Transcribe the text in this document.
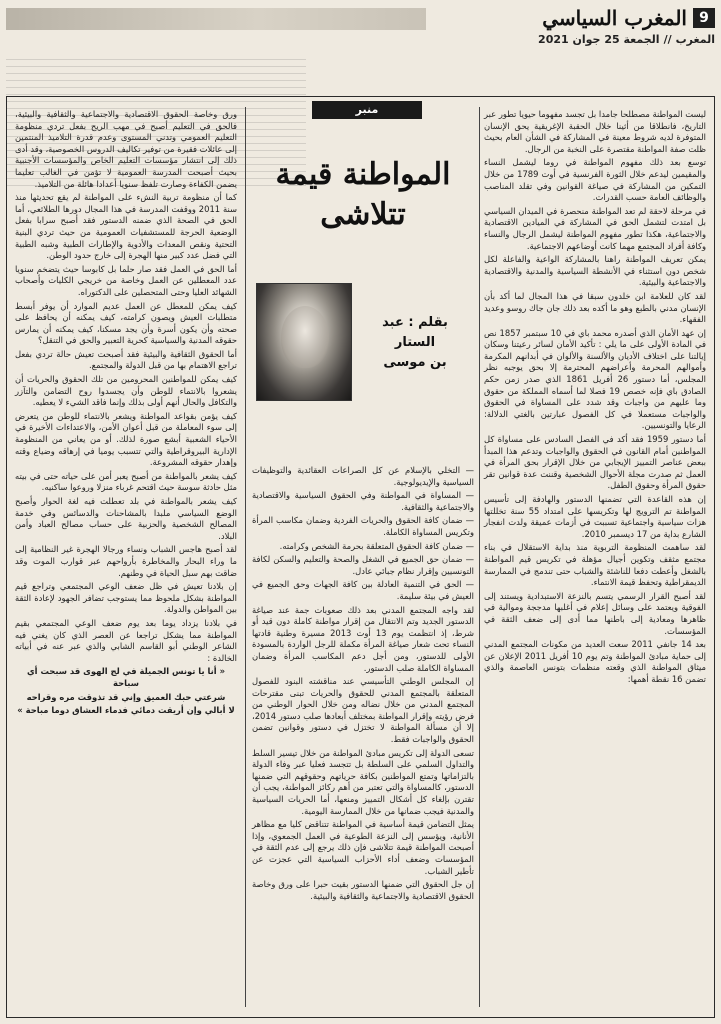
9
المغرب السياسي
المغرب//الجمعة 25 جوان 2021
منبر
المواطنة قيمة
تتلاشى
بقلم : عبد الستار
بن موسى

ليست المواطنة مصطلحا جامدا بل تجسد مفهوما حيويا تطور عبر التاريخ، فانطلاقا من أثينا خلال الحقبة الإغريقية يحق الإنسان المتوفرة لديه شروط معينة في المشاركة في الشأن العام بحيث ظلت صفة المواطنة مقتصرة على النخبة من الرجال.

توسع بعد ذلك مفهوم المواطنة في روما ليشمل النساء والمقيمين ليدعم خلال الثورة الفرنسية في أوت 1789 من خلال التمكين من المشاركة في صياغة القوانين وفي تقلد المناصب والوظائف العامة حسب القدرات.

في مرحلة لاحقة لم تعد المواطنة منحصرة في الميدان السياسي بل امتدت لتشمل الحق في المشاركة في الميادين الاقتصادية والاجتماعية، هكذا تطور مفهوم المواطنة ليشمل الرجال والنساء وكافة أفراد المجتمع مهما كانت أوضاعهم الاجتماعية.

يمكن تعريف المواطنة راهنا بالمشاركة الواعية والفاعلة لكل شخص دون استثناء في الأنشطة السياسية والمدنية والاقتصادية والاجتماعية والبيئية.

لقد كان للعلامة ابن خلدون سبقا في هذا المجال لما أكد بأن الإنسان مدني بالطبع وهو ما أكده بعد ذلك جان جاك روسو وعديد الفقهاء.

إن عهد الأمان الذي أصدره محمد باي في 10 سبتمبر 1857 نص في المادة الأولى على ما يلي : تأكيد الأمان لسائر رعيتنا وسكان إيالتنا على اختلاف الأديان والألسنة والألوان في أبدانهم المكرمة وأموالهم المحرمة وأعراضهم المحترمة إلا بحق يوجبه نظر المجلس، أما دستور 26 أفريل 1861 الذي صدر زمن حكم الصادق باي فإنه خصص 19 فصلا لما أسماه المملكة من حقوق وما عليهم من واجبات وقد شدد على المساواة في الحقوق والواجبات مستعملا في كل الفصول عبارتين بالغتي الدلالة: الرعايا والتونسيين.

أما دستور 1959 فقد أكد في الفصل السادس على مساواة كل المواطنين أمام القانون في الحقوق والواجبات وتدعم هذا المبدأ ببعض عناصر التمييز الإيجابي من خلال الإقرار بحق المرأة في العمل ثم صدرت مجلة الأحوال الشخصية وقننت عدة قوانين تقر حقوق المرأة وحقوق الطفل.

إن هذه القاعدة التي تضمنها الدستور والهادفة إلى تأسيس المواطنة تم الترويج لها وتكريسها على امتداد 55 سنة تخللتها هزات سياسية واجتماعية تسببت في أزمات عميقة ولدت انفجار الشارع بداية من 17 ديسمبر 2010.

لقد ساهمت المنظومة التربوية منذ بداية الاستقلال في بناء مجتمع مثقف وتكوين أجيال مؤهلة في تكريس قيم المواطنة بالشغل وأعطت دفعا للناشئة والشباب حتى تندمج في الممارسة الديمقراطية وتحفظ قيمة الانتماء.

لقد أصبح القرار الرسمي يتسم بالنزعة الاستبدادية ويستند إلى الفوقية ويعتمد على وسائل إعلام في أغلبها مدججة وموالية في ظاهرها ومعادية إلى باطنها مما أدى إلى ضعف الثقة في المؤسسات.

بعد 14 جانفي 2011 سعت العديد من مكونات المجتمع المدني إلى حماية مبادئ المواطنة وتم يوم 10 أفريل 2011 الإعلان عن ميثاق المواطنة الذي وقعته منظمات بتونس العاصمة والذي تضمن 16 نقطة أهمها:

— التخلي بالإسلام عن كل الصراعات العقائدية والتوظيفات السياسية والإيديولوجية.

— المساواة في المواطنة وفي الحقوق السياسية والاقتصادية والاجتماعية والثقافية.

— ضمان كافة الحقوق والحريات الفردية وضمان مكاسب المرأة وتكريس المساواة الكاملة.

— ضمان كافة الحقوق المتعلقة بحرمة الشخص وكرامته.

— ضمان حق الجميع في الشغل والصحة والتعليم والسكن لكافة التونسيين وإقرار نظام جبائي عادل.

— الحق في التنمية العادلة بين كافة الجهات وحق الجميع في العيش في بيئة سليمة.

لقد واجه المجتمع المدني بعد ذلك صعوبات جمة عند صياغة الدستور الجديد وتم الانتقال من إقرار مواطنة كاملة دون قيد أو شرط، إذ انتظمت يوم 13 أوت 2013 مسيرة وطنية قادتها النساء تحت شعار صياغة المرأة مكملة للرجل الواردة بالمسودة الأولى للدستور، ومن أجل دعم المكاسب المرأة وضمان المساواة الكاملة صلب الدستور.

إن المجلس الوطني التأسيسي عند مناقشته البنود للفصول المتعلقة بالمجتمع المدني للحقوق والحريات تبنى مقترحات المجتمع المدني من خلال نضاله ومن خلال الحوار الوطني من فرض رؤيته وإقرار المواطنة بمختلف أبعادها صلب دستور 2014، إلا أن مسألة المواطنة لا تختزل في دستور وقوانين تضمن الحقوق والواجبات فقط.

تسعى الدولة إلى تكريس مبادئ المواطنة من خلال تيسير السلط والتداول السلمي على السلطة بل تتجسد فعليا عبر وفاء الدولة بالتزاماتها وتمتع المواطنين بكافة حرياتهم وحقوقهم التي ضمنها الدستور، كالمساواة والتي تعتبر من أهم ركائز المواطنة، يجب أن تقترن بإلغاء كل أشكال التمييز ومنعها، أما الحريات السياسية والمدنية فيجب ضمانها من خلال الممارسة اليومية.

يمثل التضامن قيمة أساسية في المواطنة تتناقض كليا مع مظاهر الأنانية، ويؤسس إلى النزعة الطوعية في العمل الجمعوي، وإذا أصبحت المواطنة قيمة تتلاشى فإن ذلك يرجع إلى عدم الثقة في المؤسسات وضعف أداء الأحزاب السياسية التي عجزت عن تأطير الشباب.

إن جل الحقوق التي ضمنها الدستور بقيت حبرا على ورق وخاصة الحقوق الاقتصادية والاجتماعية والثقافية والبيئية.

ورق وخاصة الحقوق الاقتصادية والاجتماعية والثقافية والبيئية، فالحق في التعليم أصبح في مهب الريح بفعل تردي منظومة التعليم العمومي وتدني المستوى وعدم قدرة التلاميذ المنتمين إلى عائلات فقيرة من توفير تكاليف الدروس الخصوصية، وقد أدى ذلك إلى انتشار مؤسسات التعليم الخاص والمؤسسات الأجنبية بحيث أصبحت المدرسة العمومية لا تؤمن في الغالب تعليما يضمن الكفاءة وصارت تلفظ سنويا أعدادا هائلة من التلاميذ.

كما أن منظومة تربية النشء على المواطنة لم يقع تحديثها منذ سنة 2011 ووقفت المدرسة في هذا المجال دورها الطلائعي، أما الحق في الصحة الذي ضمنه الدستور فقد أصبح سرابا بفعل الوضعية الحرجة للمستشفيات العمومية من حيث تردي البنية التحتية ونقص المعدات والأدوية والإطارات الطبية وشبه الطبية التي فضل عدد كبير منها الهجرة إلى خارج حدود الوطن.

أما الحق في العمل فقد صار حلما بل كابوسا حيث يتضخم سنويا عدد المعطلين عن العمل وخاصة من خريجي الكليات وأصحاب الشهائد العليا وحتى المتحصلين على الدكتوراه.

كيف يمكن للمعطل عن العمل عديم الموارد أن يوفر أبسط متطلبات العيش ويصون كرامته، كيف يمكنه أن يحافظ على صحته وأن يكون أسرة وأن يجد مسكنا، كيف يمكنه أن يمارس حقوقه المدنية والسياسية كحرية التعبير والحق في التنقل؟

أما الحقوق الثقافية والبيئية فقد أصبحت تعيش حالة تردي بفعل تراجع الاهتمام بها من قبل الدولة والمجتمع.

كيف يمكن للمواطنين المحرومين من تلك الحقوق والحريات أن يشعروا بالانتماء للوطن وأن يجسدوا روح التضامن والتآزر والتكافل والحال أنهم أولى بذلك وإنما فاقد الشيء لا يعطيه.

كيف يؤمن بقواعد المواطنة ويشعر بالانتماء للوطن من يتعرض إلى سوء المعاملة من قبل أعوان الأمن، والاعتداءات الأخيرة في الأحياء الشعبية أبشع صورة لذلك. أو من يعاني من المنظومة الإدارية البيروقراطية والتي تتسبب يوميا في إرهاقه وضياع وقته وإهدار حقوقه المشروعة.

كيف يشعر بالمواطنة من أصبح يعبر أمن على حياته حتى في بيته مثل حادثة سوسة حيث اقتحم غرباء منزلا وروعوا ساكنيه.

كيف يشعر بالمواطنة في بلد تعطلت فيه لغة الحوار وأصبح الوضع السياسي ملبدا بالمشاحنات والدسائس وفي خدمة المصالح الشخصية والحزبية على حساب مصالح العباد وأمن البلاد.

لقد أصبح هاجس الشباب ونساء ورجالا الهجرة غير النظامية إلى ما وراء البحار والمخاطرة بأرواحهم عبر قوارب الموت وقد ضاقت بهم سبل الحياة في وطنهم.

إن بلادنا تعيش في ظل ضعف الوعي المجتمعي وتراجع قيم المواطنة بشكل ملحوظ مما يستوجب تضافر الجهود لإعادة الثقة بين المواطن والدولة.

في بلادنا يزداد يوما بعد يوم ضعف الوعي المجتمعي بقيم المواطنة مما يشكل تراجعا عن العصر الذي كان يغني فيه الشاعر الوطني أبو القاسم الشابي والذي عبر عنه في أبياته الخالدة :

« أنا يا تونس الجميلة في لج الهوى قد سبحت أي سباحة

شرعتي حبك العميق وإني قد تذوقت مره وقراحه

لا أبالي وإن أريقت دمائي فدماء العشاق دوما مباحة »
